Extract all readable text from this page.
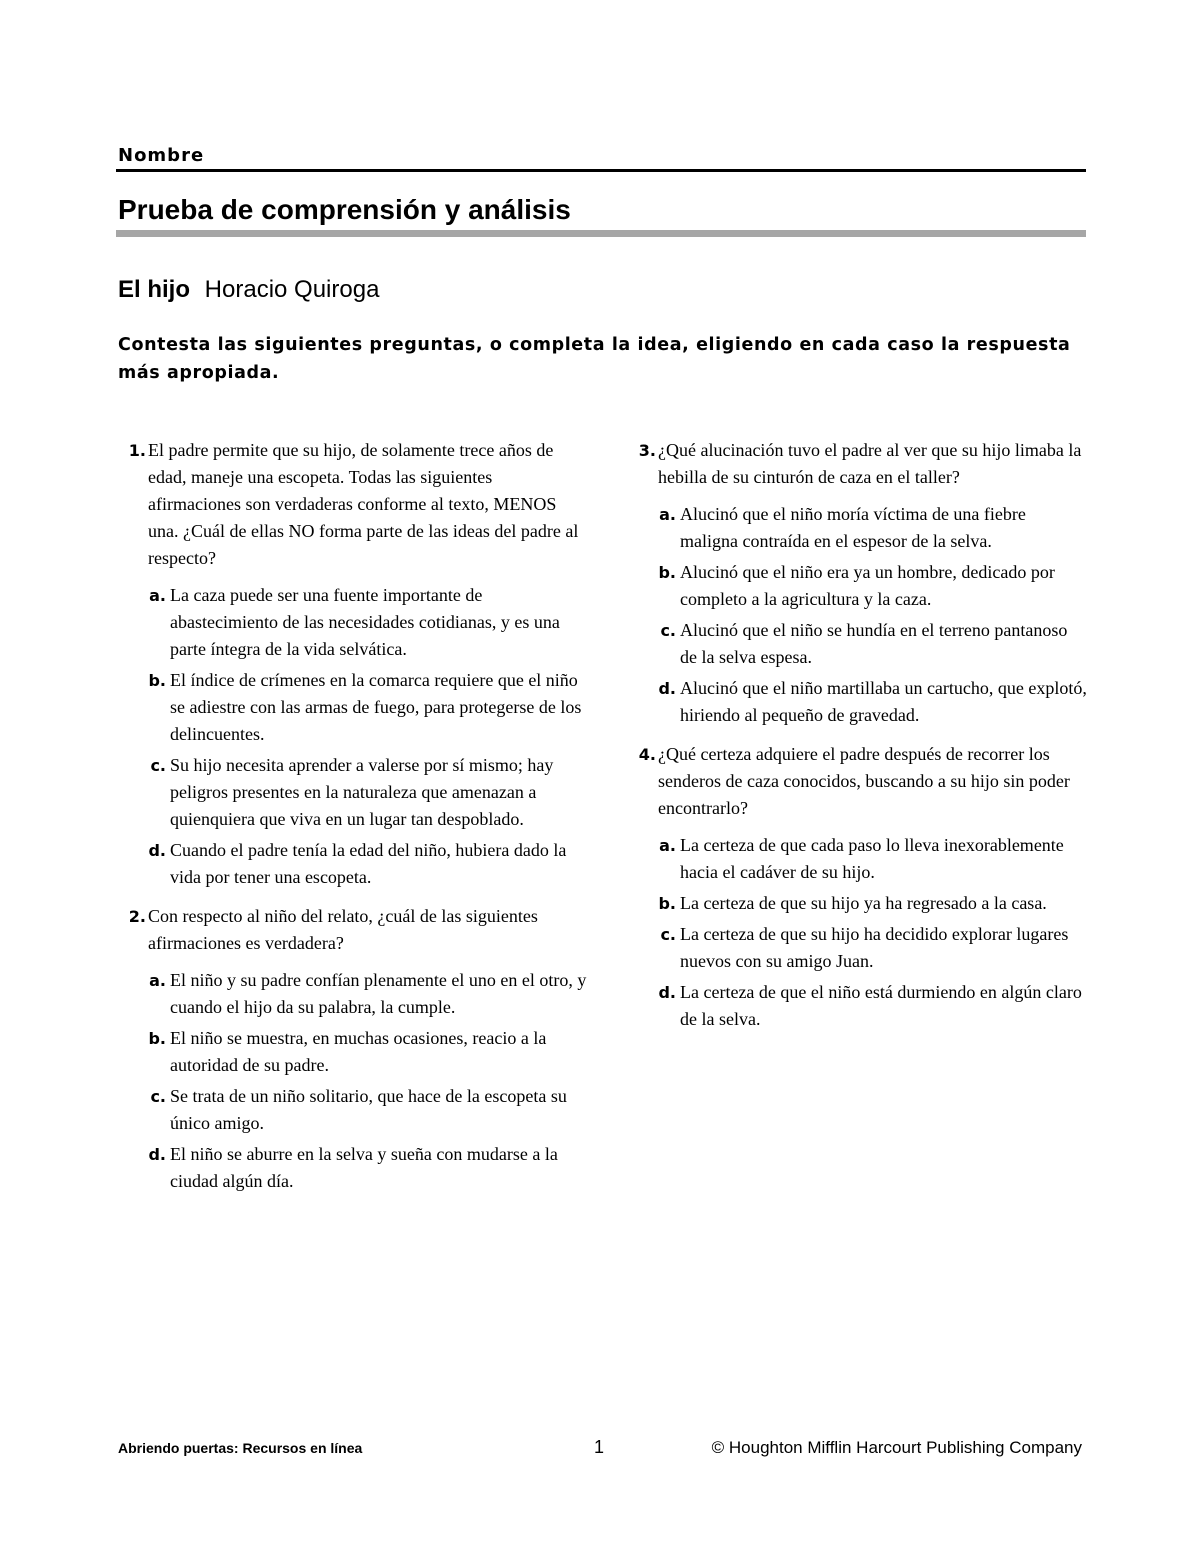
Nombre
Prueba de comprensión y análisis
El hijo Horacio Quiroga
Contesta las siguientes preguntas, o completa la idea, eligiendo en cada caso la respuesta más apropiada.
1. El padre permite que su hijo, de solamente trece años de edad, maneje una escopeta. Todas las siguientes afirmaciones son verdaderas conforme al texto, MENOS una. ¿Cuál de ellas NO forma parte de las ideas del padre al respecto?
a. La caza puede ser una fuente importante de abastecimiento de las necesidades cotidianas, y es una parte íntegra de la vida selvática.
b. El índice de crímenes en la comarca requiere que el niño se adiestre con las armas de fuego, para protegerse de los delincuentes.
c. Su hijo necesita aprender a valerse por sí mismo; hay peligros presentes en la naturaleza que amenazan a quienquiera que viva en un lugar tan despoblado.
d. Cuando el padre tenía la edad del niño, hubiera dado la vida por tener una escopeta.
2. Con respecto al niño del relato, ¿cuál de las siguientes afirmaciones es verdadera?
a. El niño y su padre confían plenamente el uno en el otro, y cuando el hijo da su palabra, la cumple.
b. El niño se muestra, en muchas ocasiones, reacio a la autoridad de su padre.
c. Se trata de un niño solitario, que hace de la escopeta su único amigo.
d. El niño se aburre en la selva y sueña con mudarse a la ciudad algún día.
3. ¿Qué alucinación tuvo el padre al ver que su hijo limaba la hebilla de su cinturón de caza en el taller?
a. Alucinó que el niño moría víctima de una fiebre maligna contraída en el espesor de la selva.
b. Alucinó que el niño era ya un hombre, dedicado por completo a la agricultura y la caza.
c. Alucinó que el niño se hundía en el terreno pantanoso de la selva espesa.
d. Alucinó que el niño martillaba un cartucho, que explotó, hiriendo al pequeño de gravedad.
4. ¿Qué certeza adquiere el padre después de recorrer los senderos de caza conocidos, buscando a su hijo sin poder encontrarlo?
a. La certeza de que cada paso lo lleva inexorablemente hacia el cadáver de su hijo.
b. La certeza de que su hijo ya ha regresado a la casa.
c. La certeza de que su hijo ha decidido explorar lugares nuevos con su amigo Juan.
d. La certeza de que el niño está durmiendo en algún claro de la selva.
Abriendo puertas: Recursos en línea	1	© Houghton Mifflin Harcourt Publishing Company
